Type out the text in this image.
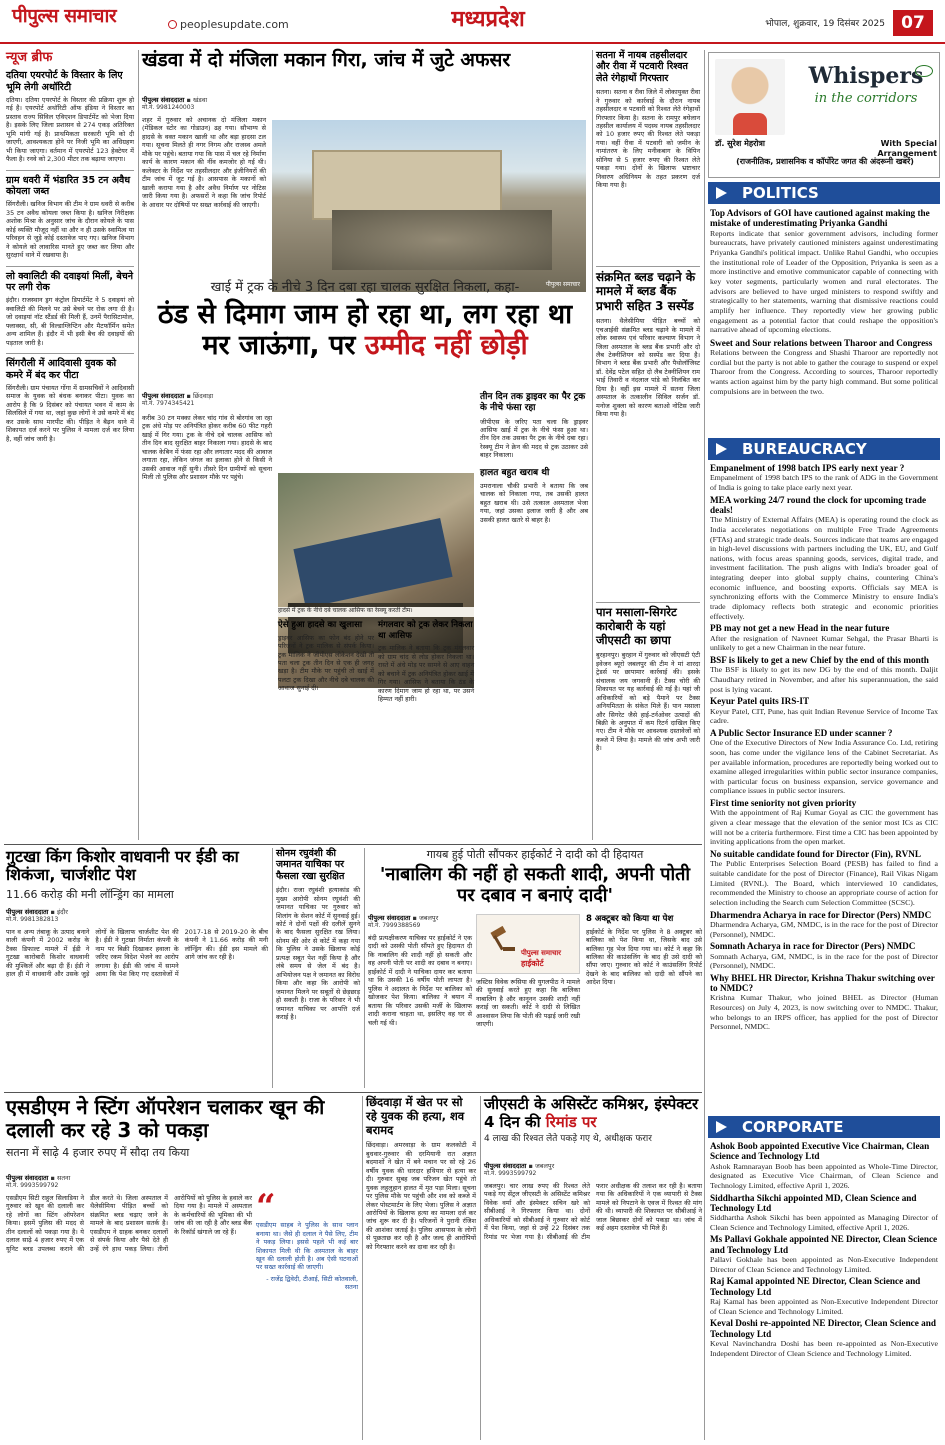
पीपुल्स समाचार	peoplesupdate.com	मध्यप्रदेश	भोपाल, शुक्रवार, 19 दिसंबर 2025 07
न्यूज ब्रीफ
दतिया एयरपोर्ट के विस्तार के लिए भूमि लेगी अथॉरिटी
दतिया। दतिया एयरपोर्ट के विस्तार की प्रक्रिया शुरू हो गई है। एयरपोर्ट अथॉरिटी ऑफ इंडिया ने विस्तार का प्रस्ताव राज्य सिविल एविएशन डिपार्टमेंट को भेजा दिया है। इसके लिए जिला प्रशासन से 274 एकड़ अतिरिक्त भूमि मांगी गई है। प्राथमिकता सरकारी भूमि को दी जाएगी, आवश्यकता होने पर निजी भूमि का अधिग्रहण भी किया जाएगा। वर्तमान में एयरपोर्ट 123 हेक्टेयर में फैला है। रनवे को 2,300 मीटर तक बढ़ाया जाएगा।
ग्राम धवरी में भंडारित 35 टन अवैध कोयला जब्त
सिंगरौली। खनिज विभाग की टीम ने ग्राम धवरी से करीब 35 टन अवैध कोयला जब्त किया है। खनिज निरीक्षक अशोक मिश्रा के अनुसार जांच के दौरान कोयले के पास कोई व्यक्ति मौजूद नहीं था और न ही उसके स्वामित्व या परिवहन से जुड़े कोई दस्तावेज पाए गए। खनिज विभाग ने कोयले को लावारिस मानते हुए जब्त कर लिया और सुरक्षार्थ थाने में रखवाया है।
लो क्वालिटी की दवाइयां मिलीं, बेचने पर लगी रोक
इंदौर। राजस्थान ड्रग कंट्रोल डिपार्टमेंट ने 5 दवाइयां लो क्वालिटी की मिलने पर उसे बेचने पर रोक लगा दी है। जो दवाइयां नॉट स्टैंडर्ड की मिली हैं, उनमें पैरासिटामोल, फ्लाक्सा, सी, बी विल्डाग्लिप्टिन और मैटफॉर्मिन समेत अन्य शामिल हैं। इंदौर में भी इसी बैच की दवाइयों की पड़ताल जारी है।
सिंगरौली में आदिवासी युवक को कमरे में बंद कर पीटा
सिंगरौली। ग्राम पंचायत गोंगा में ग्रामसचिवों ने आदिवासी समाज के युवक को बंधक बनाकर पीटा। युवक का आरोप है कि 9 दिसंबर को पंचायत भवन में काम के सिलसिले में गया था, जहां कुछ लोगों ने उसे कमरे में बंद कर उसके साथ मारपीट की। पीड़ित ने बैढ़न थाने में शिकायत दर्ज करने पर पुलिस ने मामला दर्ज कर लिया है, वहीं जांच जारी है।
खंडवा में दो मंजिला मकान गिरा, जांच में जुटे अफसर
पीपुल्स संवाददाता ▪ खंडवा
मो.नं. 9981240003
शहर में गुरुवार को अचानक दो मंजिला मकान (मेडिकल स्टोर का गोडाउन) ढह गया। सौभाग्य से हादसे के वक्त मकान खाली था और बड़ा हादसा टल गया। सूचना मिलते ही नगर निगम और राजस्व अमले मौके पर पहुंचे। बताया गया कि पास में चल रहे निर्माण कार्य के कारण मकान की नींव कमजोर हो गई थी। कलेक्टर के निर्देश पर तहसीलदार और इंजीनियरों की टीम जांच में जुट गई है। आसपास के मकानों को खाली कराया गया है और अवैध निर्माण पर नोटिस जारी किया गया है। अफसरों ने कहा कि जांच रिपोर्ट के आधार पर दोषियों पर सख्त कार्रवाई की जाएगी।
पीपुल्स समाचार
खाई में ट्रक के नीचे 3 दिन दबा रहा चालक सुरक्षित निकला, कहा-
ठंड से दिमाग जाम हो रहा था, लग रहा था मर जाऊंगा, पर उम्मीद नहीं छोड़ी
पीपुल्स संवाददाता ▪ छिंदवाड़ा
मो.नं. 7974345421
करीब 30 टन मक्का लेकर चांद गांव से बोरगांव जा रहा ट्रक अंधे मोड़ पर अनियंत्रित होकर करीब 60 फीट गहरी खाई में गिर गया। ट्रक के नीचे दबे चालक आसिफ को तीन दिन बाद सुरक्षित बाहर निकाला गया। हादसे के बाद चालक केबिन में फंसा रहा और लगातार मदद की आवाज लगाता रहा, लेकिन जंगल का इलाका होने से किसी ने उसकी आवाज नहीं सुनी। तीसरे दिन ग्रामीणों को सूचना मिली तो पुलिस और प्रशासन मौके पर पहुंचे।
हादसे में ट्रक के नीचे दबे चालक आसिफ का रेस्क्यू करती टीम।
ऐसे हुआ हादसे का खुलासा
ड्राइवर आसिफ का फोन बंद होने पर परिजनों ने ट्रक मालिक से संपर्क किया। ट्रक मालिक ने जीपीएस लोकेशन देखी तो पता चला ट्रक तीन दिन से एक ही जगह खड़ा है। टीम मौके पर पहुंची तो खाई में पलटा ट्रक दिखा और नीचे दबे चालक की आवाज सुनाई दी।
मंगलवार को ट्रक लेकर निकला था आसिफ
ट्रक मालिक ने बताया कि ट्रक मंगलवार को ग्राम चांद से लोड होकर निकला था। रास्ते में अंधे मोड़ पर सामने से आए वाहन को बचाने में ट्रक अनियंत्रित होकर खाई में गिर गया। आसिफ ने बताया कि ठंड के कारण दिमाग जाम हो रहा था, पर उसने हिम्मत नहीं हारी।
तीन दिन तक ड्राइवर का पैर ट्रक के नीचे फंसा रहा
जीपीएस के जरिए पता चला कि ड्राइवर आसिफ खाई में ट्रक के नीचे फंसा हुआ था। तीन दिन तक उसका पैर ट्रक के नीचे दबा रहा। रेस्क्यू टीम ने क्रेन की मदद से ट्रक उठाकर उसे बाहर निकाला।
हालत बहुत खराब थी
उमरानाला चौकी प्रभारी ने बताया कि जब चालक को निकाला गया, तब उसकी हालत बहुत खराब थी। उसे तत्काल अस्पताल भेजा गया, जहां उसका इलाज जारी है और अब उसकी हालत खतरे से बाहर है।
सतना में नायब तहसीलदार और रीवा में पटवारी रिश्वत लेते रंगेहाथों गिरफ्तार
सतना। सतना व रीवा जिले में लोकायुक्त रीवा ने गुरुवार को कार्रवाई के दौरान नायब तहसीलदार व पटवारी को रिश्वत लेते रंगेहाथों गिरफ्तार किया है। सतना के रामपुर बघेलान तहसील कार्यालय में पदस्थ नायब तहसीलदार को 10 हजार रुपए की रिश्वत लेते पकड़ा गया। वहीं रीवा में पटवारी को जमीन के नामांतरण के लिए मनीकबाग के विपिन सोनिया से 5 हजार रुपए की रिश्वत लेते पकड़ा गया। दोनों के खिलाफ भ्रष्टाचार निवारण अधिनियम के तहत प्रकरण दर्ज किया गया है।
संक्रमित ब्लड चढ़ाने के मामले में ब्लड बैंक प्रभारी सहित 3 सस्पेंड
सतना। थैलेसीमिया पीड़ित बच्चों को एचआईवी संक्रमित ब्लड चढ़ाने के मामले में लोक स्वास्थ्य एवं परिवार कल्याण विभाग ने जिला अस्पताल के ब्लड बैंक प्रभारी और दो लैब टेक्नीशियन को सस्पेंड कर दिया है। विभाग ने ब्लड बैंक प्रभारी और पैथोलॉजिस्ट डॉ. देवेंद्र पटेल सहित दो लैब टेक्नीशियन राम भाई तिवारी व नंदलाल पांडे को निलंबित कर दिया है। वहीं इस मामले में सतना जिला अस्पताल के तत्कालीन सिविल सर्जन डॉ. मनोज शुक्ला को कारण बताओ नोटिस जारी किया गया है।
पान मसाला-सिगरेट कारोबारी के यहां जीएसटी का छापा
बुरहानपुर। बुरहान में गुरुवार को जीएसटी एंटी इवेजन ब्यूरो जबलपुर की टीम ने मां शारदा ट्रेडर्स पर छापामार कार्रवाई की। इसके संचालक जय जगवानी हैं। टैक्स चोरी की शिकायत पर यह कार्रवाई की गई है। यहां जी अधिकारियों को बड़े पैमाने पर टैक्स अनियमितता के संकेत मिले हैं। पान मसाला और सिगरेट जैसे हाई-टर्नओवर उत्पादों की बिक्री के अनुपात में कम रिटर्न दाखिल किए गए। टीम ने मौके पर आवश्यक दस्तावेजों को कब्जे में लिया है। मामले की जांच अभी जारी है।
गुटखा किंग किशोर वाधवानी पर ईडी का शिकंजा, चार्जशीट पेश
11.66 करोड़ की मनी लॉन्ड्रिंग का मामला
पीपुल्स संवाददाता ▪ इंदौर
मो.नं. 9981382813
पान व अन्य तंबाकू के उत्पाद बनाने वाली कंपनी में 2002 करोड़ के टैक्स डिफाल्ट मामले में ईडी ने गुटखा कारोबारी किशोर वाधवानी की मुश्किलें और बढ़ा दी हैं। ईडी ने हाल ही में वाधवानी और उसके जुड़े लोगों के खिलाफ चार्जशीट पेश की है। ईडी ने गुटखा निर्माता कंपनी के नाम पर बिक्री दिखाकर हवाला के जरिए रकम विदेश भेजने का आरोप लगाया है। ईडी की जांच में सामने आया कि पेश किए गए दस्तावेजों में 2017-18 से 2019-20 के बीच कंपनी ने 11.66 करोड़ की मनी लॉन्ड्रिंग की। ईडी इस मामले की आगे जांच कर रही है।
सोनम रघुवंशी की जमानत याचिका पर फैसला रखा सुरक्षित
इंदौर। राजा रघुवंशी हत्याकांड की मुख्य आरोपी सोनम रघुवंशी की जमानत याचिका पर गुरुवार को शिलांग के सेशन कोर्ट में सुनवाई हुई। कोर्ट ने दोनों पक्षों की दलीलें सुनने के बाद फैसला सुरक्षित रख लिया। सोनम की ओर से कोर्ट में कहा गया कि पुलिस ने उसके खिलाफ कोई प्रत्यक्ष सबूत पेश नहीं किया है और लंबे समय से जेल में बंद है। अभियोजन पक्ष ने जमानत का विरोध किया और कहा कि आरोपी को जमानत मिलने पर सबूतों से छेड़छाड़ हो सकती है। राजा के परिवार ने भी जमानत याचिका पर आपत्ति दर्ज कराई है।
गायब हुई पोती सौंपकर हाईकोर्ट ने दादी को दी हिदायत
'नाबालिग की नहीं हो सकती शादी, अपनी पोती पर दबाव न बनाएं दादी'
पीपुल्स संवाददाता ▪ जबलपुर
मो.नं. 7999388569
बंदी प्रत्यक्षीकरण याचिका पर हाईकोर्ट ने एक दादी को उसकी पोती सौंपते हुए हिदायत दी कि नाबालिग की शादी नहीं हो सकती और वह अपनी पोती पर शादी का दबाव न बनाए। हाईकोर्ट में दादी ने याचिका दायर कर बताया था कि उसकी 16 वर्षीय पोती लापता है। पुलिस ने अदालत के निर्देश पर बालिका को खोजकर पेश किया। बालिका ने बयान में बताया कि परिवार उसकी मर्जी के खिलाफ शादी कराना चाहता था, इसलिए वह घर से चली गई थी।
पीपुल्स समाचार
हाईकोर्ट
जस्टिस विवेक रूसिया की युगलपीठ ने मामले की सुनवाई करते हुए कहा कि बालिका नाबालिग है और कानूनन उसकी शादी नहीं कराई जा सकती। कोर्ट ने दादी से लिखित आश्वासन लिया कि पोती की पढ़ाई जारी रखी जाएगी।
8 अक्टूबर को किया था पेश
हाईकोर्ट के निर्देश पर पुलिस ने 8 अक्टूबर को बालिका को पेश किया था, जिसके बाद उसे बालिका गृह भेज दिया गया था। कोर्ट ने कहा कि बालिका की काउंसलिंग के बाद ही उसे दादी को सौंपा जाए। गुरुवार को कोर्ट ने काउंसलिंग रिपोर्ट देखने के बाद बालिका को दादी को सौंपने का आदेश दिया।
एसडीएम ने स्टिंग ऑपरेशन चलाकर खून की दलाली कर रहे 3 को पकड़ा
सतना में साढ़े 4 हजार रुपए में सौदा तय किया
पीपुल्स संवाददाता ▪ सतना
मो.नं. 9993599792
एसडीएम सिटी राहुल सिलाडिया ने गुरुवार को खून की दलाली कर रहे लोगों का स्टिंग ऑपरेशन किया। इसमें पुलिस की मदद से तीन दलालों को पकड़ा गया है। ये दलाल साढ़े 4 हजार रुपए में एक यूनिट ब्लड उपलब्ध कराने की डील करते थे। जिला अस्पताल में थैलेसीमिया पीड़ित बच्चों को संक्रमित ब्लड चढ़ाए जाने के मामले के बाद प्रशासन सतर्क है। एसडीएम ने ग्राहक बनकर दलालों से संपर्क किया और पैसे देते ही उन्हें रंगे हाथ पकड़ लिया। तीनों आरोपियों को पुलिस के हवाले कर दिया गया है। मामले में अस्पताल के कर्मचारियों की भूमिका की भी जांच की जा रही है और ब्लड बैंक के रिकॉर्ड खंगाले जा रहे हैं।
“
एसडीएम साहब ने पुलिस के साथ प्लान बनाया था। जैसे ही दलाल ने पैसे लिए, टीम ने पकड़ लिया। इससे पहले भी कई बार शिकायत मिली थी कि अस्पताल के बाहर खून की दलाली होती है। अब ऐसी घटनाओं पर सख्त कार्रवाई की जाएगी।
- राजेंद्र द्विवेदी, टीआई, सिटी कोतवाली, सतना
छिंदवाड़ा में खेत पर सो रहे युवक की हत्या, शव बरामद
छिंदवाड़ा। अमरवाड़ा के ग्राम कलकोटी में बुधवार-गुरुवार की दरमियानी रात अज्ञात बदमाशों ने खेत में बने मचान पर सो रहे 26 वर्षीय युवक की धारदार हथियार से हत्या कर दी। गुरुवार सुबह जब परिजन खेत पहुंचे तो युवक लहूलुहान हालत में मृत पड़ा मिला। सूचना पर पुलिस मौके पर पहुंची और शव को कब्जे में लेकर पोस्टमार्टम के लिए भेजा। पुलिस ने अज्ञात आरोपियों के खिलाफ हत्या का मामला दर्ज कर जांच शुरू कर दी है। परिजनों ने पुरानी रंजिश की आशंका जताई है। पुलिस आसपास के लोगों से पूछताछ कर रही है और जल्द ही आरोपियों को गिरफ्तार करने का दावा कर रही है।
जीएसटी के असिस्टेंट कमिश्नर, इंस्पेक्टर 4 दिन की रिमांड पर
4 लाख की रिश्वत लेते पकड़े गए थे, अधीक्षक फरार
पीपुल्स संवाददाता ▪ जबलपुर
मो.नं. 9993599792
जबलपुर। चार लाख रुपए की रिश्वत लेते पकड़े गए सेंट्रल जीएसटी के असिस्टेंट कमिश्नर विवेक वर्मा और इंस्पेक्टर सचिन खरे को सीबीआई ने गिरफ्तार किया था। दोनों अधिकारियों को सीबीआई ने गुरुवार को कोर्ट में पेश किया, जहां से उन्हें 22 दिसंबर तक रिमांड पर भेजा गया है। सीबीआई की टीम फरार अधीक्षक की तलाश कर रही है। बताया गया कि अधिकारियों ने एक व्यापारी से टैक्स मामले को निपटाने के एवज में रिश्वत की मांग की थी। व्यापारी की शिकायत पर सीबीआई ने जाल बिछाकर दोनों को पकड़ा था। जांच में कई अहम दस्तावेज भी मिले हैं।
Whispers
in the corridors
डॉ. सुरेश मेहरोत्रा	With Special Arrangement
(राजनीतिक, प्रशासनिक व कॉर्पोरेट जगत की अंदरूनी खबरें)
POLITICS
Top Advisors of GOI have cautioned against making the mistake of underestimating Priyanka Gandhi
Reports indicate that senior government advisors, including former bureaucrats, have privately cautioned ministers against underestimating Priyanka Gandhi's political impact. Unlike Rahul Gandhi, who occupies the institutional role of Leader of the Opposition, Priyanka is seen as a more instinctive and emotive communicator capable of connecting with key voter segments, particularly women and rural electorates. The advisors are believed to have urged ministers to respond swiftly and strategically to her statements, warning that dismissive reactions could amplify her influence. They reportedly view her growing public engagement as a potential factor that could reshape the opposition's narrative ahead of upcoming elections.
Sweet and Sour relations between Tharoor and Congress
Relations between the Congress and Shashi Tharoor are reportedly not cordial but the party is not able to gather the courage to suspend or expel Tharoor from the Congress. According to sources, Tharoor reportedly wants action against him by the party high command. But some political compulsions are in between the two.
BUREAUCRACY
Empanelment of 1998 batch IPS early next year ?
Empanelment of 1998 batch IPS to the rank of ADG in the Government of India is going to take place early next year.
MEA working 24/7 round the clock for upcoming trade deals!
The Ministry of External Affairs (MEA) is operating round the clock as India accelerates negotiations on multiple Free Trade Agreements (FTAs) and strategic trade deals. Sources indicate that teams are engaged in high-level discussions with partners including the UK, EU, and Gulf nations, with focus areas spanning goods, services, digital trade, and investment facilitation. The push aligns with India's broader goal of integrating deeper into global supply chains, countering China's economic influence, and boosting exports. Officials say MEA is synchronizing efforts with the Commerce Ministry to ensure India's trade diplomacy reflects both strategic and economic priorities effectively.
PB may not get a new Head in the near future
After the resignation of Navneet Kumar Sehgal, the Prasar Bharti is unlikely to get a new Chairman in the near future.
BSF is likely to get a new Chief by the end of this month
The BSF is likely to get its new DG by the end of this month. Daljit Chaudhary retired in November, and after his superannuation, the said post is lying vacant.
Keyur Patel quits IRS-IT
Keyur Patel, CIT, Pune, has quit Indian Revenue Service of Income Tax cadre.
A Public Sector Insurance ED under scanner ?
One of the Executive Directors of New India Assurance Co. Ltd, retiring soon, has come under the vigilance lens of the Cabinet Secretariat. As per available information, procedures are reportedly being worked out to examine alleged irregularities within public sector insurance companies, with particular focus on business expansion, service governance and compliance issues in public sector insurers.
First time seniority not given priority
With the appointment of Raj Kumar Goyal as CIC the government has given a clear message that the elevation of the senior most ICs as CIC will not be a criteria furthermore. First time a CIC has been appointed by inviting applications from the open market.
No suitable candidate found for Director (Fin), RVNL
The Public Enterprises Selection Board (PESB) has failed to find a suitable candidate for the post of Director (Finance), Rail Vikas Nigam Limited (RVNL). The Board, which interviewed 10 candidates, recommended the Ministry to choose an appropriate course of action for selection including the Search cum Selection Committee (SCSC).
Dharmendra Acharya in race for Director (Pers) NMDC
Dharmendra Acharya, GM, NMDC, is in the race for the post of Director (Personnel), NMDC.
Somnath Acharya in race for Director (Pers) NMDC
Somnath Acharya, GM, NMDC, is in the race for the post of Director (Personnel), NMDC.
Why BHEL HR Director, Krishna Thakur switching over to NMDC?
Krishna Kumar Thakur, who joined BHEL as Director (Human Resources) on July 4, 2023, is now switching over to NMDC. Thakur, who belongs to an IRPS officer, has applied for the post of Director Personnel, NMDC.
CORPORATE
Ashok Boob appointed Executive Vice Chairman, Clean Science and Technology Ltd
Ashok Ramnarayan Boob has been appointed as Whole-Time Director, designated as Executive Vice Chairman, of Clean Science and Technology Limited, effective April 1, 2026.
Siddhartha Sikchi appointed MD, Clean Science and Technology Ltd
Siddhartha Ashok Sikchi has been appointed as Managing Director of Clean Science and Technology Limited, effective April 1, 2026.
Ms Pallavi Gokhale appointed NE Director, Clean Science and Technology Ltd
Pallavi Gokhale has been appointed as Non-Executive Independent Director of Clean Science and Technology Limited.
Raj Kamal appointed NE Director, Clean Science and Technology Ltd
Raj Kamal has been appointed as Non-Executive Independent Director of Clean Science and Technology Limited.
Keval Doshi re-appointed NE Director, Clean Science and Technology Ltd
Keval Navinchandra Doshi has been re-appointed as Non-Executive Independent Director of Clean Science and Technology Limited.
